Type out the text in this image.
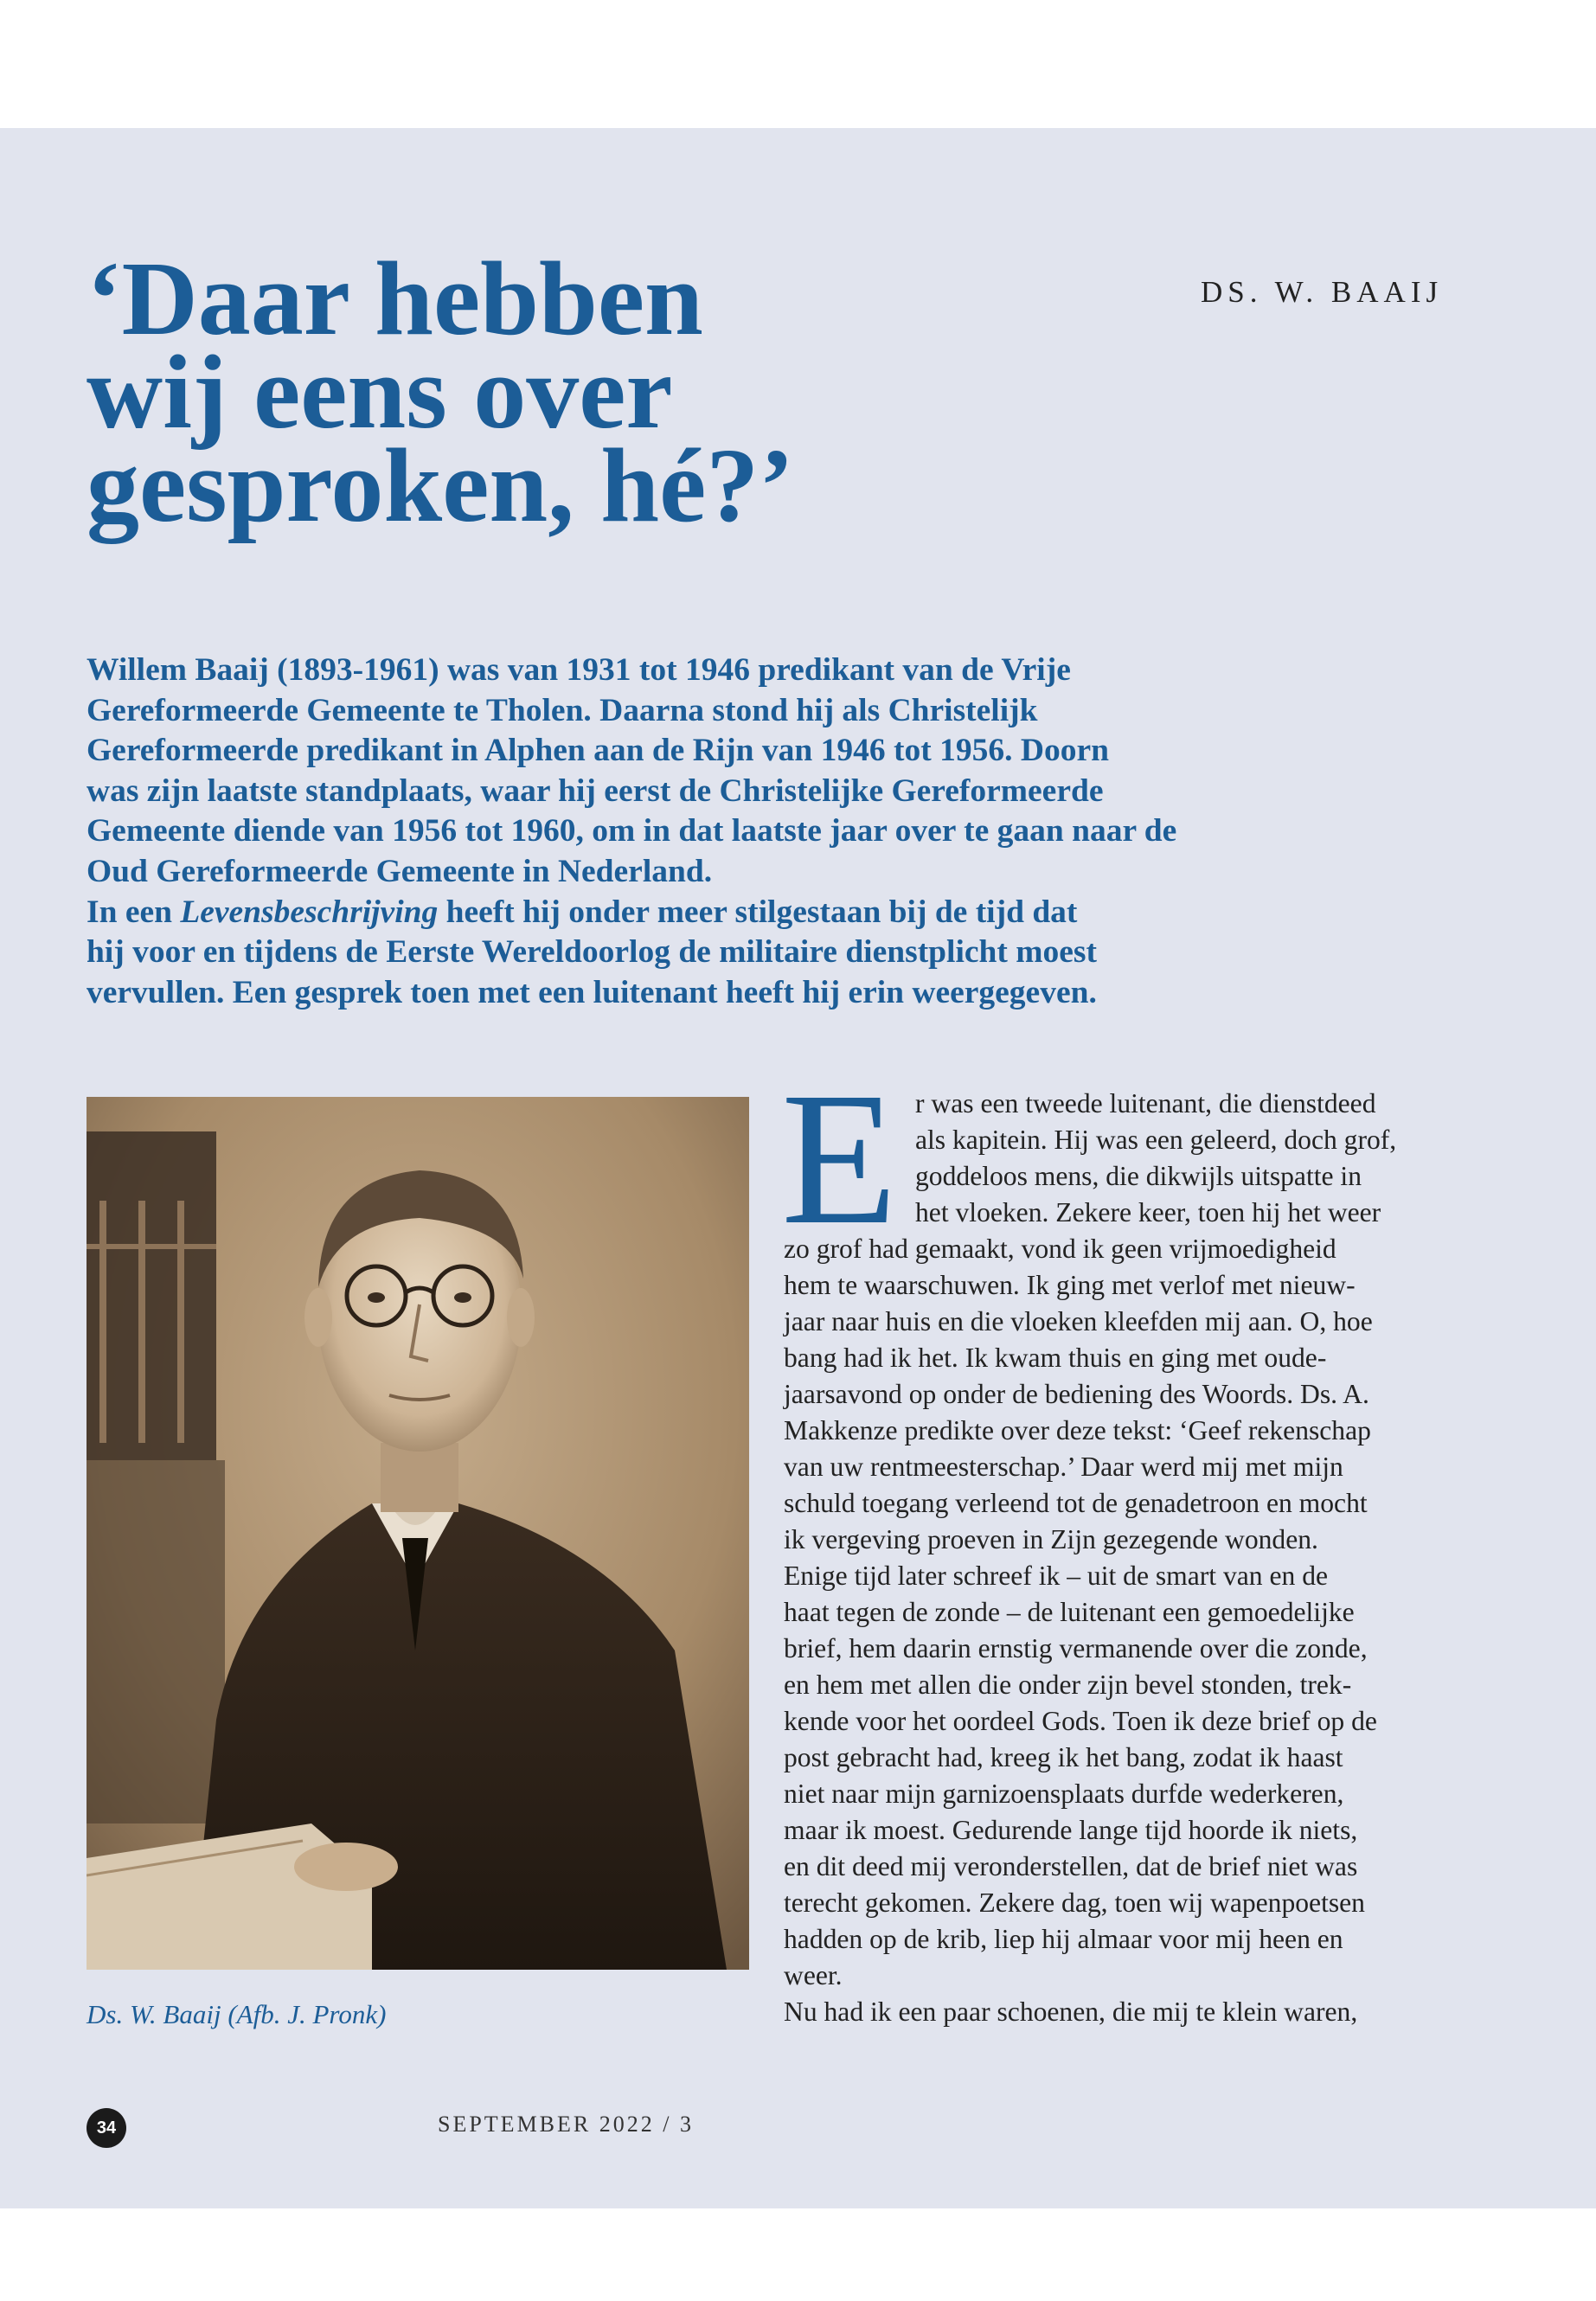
DS. W. BAAIJ
‘Daar hebben
wij eens over
gesproken, hé?’
Willem Baaij (1893-1961) was van 1931 tot 1946 predikant van de Vrije
Gereformeerde Gemeente te Tholen. Daarna stond hij als Christelijk
Gereformeerde predikant in Alphen aan de Rijn van 1946 tot 1956. Doorn
was zijn laatste standplaats, waar hij eerst de Christelijke Gereformeerde
Gemeente diende van 1956 tot 1960, om in dat laatste jaar over te gaan naar de
Oud Gereformeerde Gemeente in Nederland.
In een Levensbeschrijving heeft hij onder meer stilgestaan bij de tijd dat
hij voor en tijdens de Eerste Wereldoorlog de militaire dienstplicht moest
vervullen. Een gesprek toen met een luitenant heeft hij erin weergegeven.
Ds. W. Baaij (Afb. J. Pronk)
E r was een tweede luitenant, die dienstdeed
als kapitein. Hij was een geleerd, doch grof,
goddeloos mens, die dikwijls uitspatte in
het vloeken. Zekere keer, toen hij het weer
zo grof had gemaakt, vond ik geen vrijmoedigheid
hem te waarschuwen. Ik ging met verlof met nieuw-
jaar naar huis en die vloeken kleefden mij aan. O, hoe
bang had ik het. Ik kwam thuis en ging met oude-
jaarsavond op onder de bediening des Woords. Ds. A.
Makkenze predikte over deze tekst: ‘Geef rekenschap
van uw rentmeesterschap.’ Daar werd mij met mijn
schuld toegang verleend tot de genadetroon en mocht
ik vergeving proeven in Zijn gezegende wonden.
Enige tijd later schreef ik – uit de smart van en de
haat tegen de zonde – de luitenant een gemoedelijke
brief, hem daarin ernstig vermanende over die zonde,
en hem met allen die onder zijn bevel stonden, trek-
kende voor het oordeel Gods. Toen ik deze brief op de
post gebracht had, kreeg ik het bang, zodat ik haast
niet naar mijn garnizoensplaats durfde wederkeren,
maar ik moest. Gedurende lange tijd hoorde ik niets,
en dit deed mij veronderstellen, dat de brief niet was
terecht gekomen. Zekere dag, toen wij wapenpoetsen
hadden op de krib, liep hij almaar voor mij heen en
weer.
Nu had ik een paar schoenen, die mij te klein waren,
34	SEPTEMBER 2022 / 3
